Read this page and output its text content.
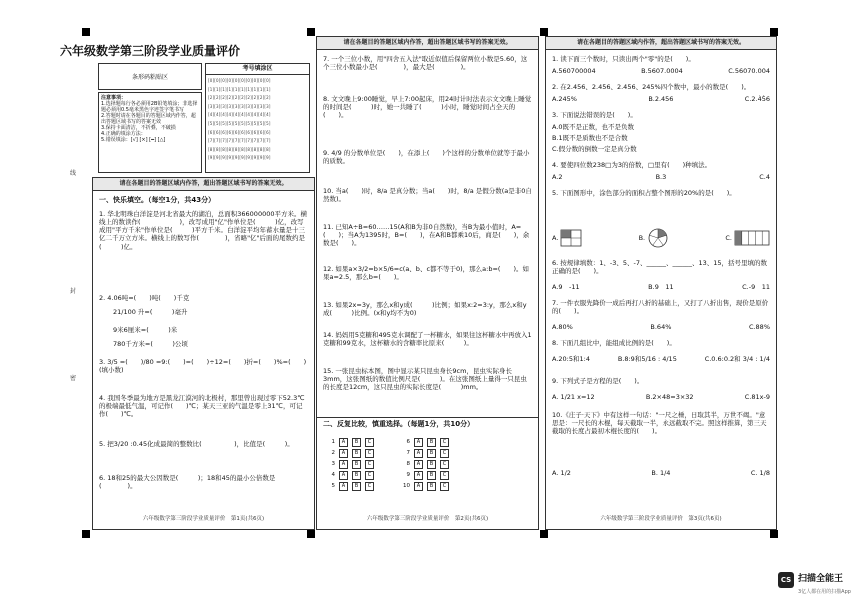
线
封
密
六年级数学第三阶段学业质量评价
条形码粘贴区
考号填涂区
[0][0][0][0][0][0][0][0][0][0]
[1][1][1][1][1][1][1][1][1][1]
[2][2][2][2][2][2][2][2][2][2]
[3][3][3][3][3][3][3][3][3][3]
[4][4][4][4][4][4][4][4][4][4]
[5][5][5][5][5][5][5][5][5][5]
[6][6][6][6][6][6][6][6][6][6]
[7][7][7][7][7][7][7][7][7][7]
[8][8][8][8][8][8][8][8][8][8]
[9][9][9][9][9][9][9][9][9][9]
注意事项：
1.选择题每行各必须用2B铅笔填涂；非选择题必须用0.5毫米黑色字迹签字笔书写
2.答题时请在各题目的答题区域内作答，超出答题区域书写的答案无效
3.保持卡面清洁，不折叠，不破损
4.正确的填涂方法：
5.错误填涂：[√] [×] [━] [△]
请在各题目的答题区域内作答，超出答题区域书写的答案无效。
一、快乐填空。（每空1分，共43分）
1. 华北明珠白洋淀是河北省最大的湖泊，总面积366000000平方米。横线上的数读作(　　　　　　)，改写成用"亿"作单位是(　　　)亿，改写成用"平方千米"作单位是(　　　)平方千米。白洋淀平均年蓄水量是十三亿二千万立方米。横线上的数写作(　　　　)，省略"亿"后面的尾数约是(　　　)亿。
2. 4.06吨=(　　)吨(　　)千克
21/100 升=(　　　)毫升
9米6厘米=(　　　)米
780千方米=(　　　)公顷
3. 3/5 =(　　)/80 =9:(　　)=(　　)÷12=(　　)折=(　　)%=(　　)(填小数)
4. 我国冬季最为地方是黑龙江漠河的北极村，那里曾出现过零下52.3℃的极端最低气温，可记作(　　)℃；某天三亚的气温是零上31℃，可记作(　　)℃。
5. 把3/20 :0.45化成最简的整数比(　　　　　)，比值是(　　　)。
6. 18和25的最大公因数是(　　　)；18和45的最小公倍数是(　　　　)。
六年级数学第三阶段学业质量评价　第1页(共6页)
请在各题目的答题区域内作答，超出答题区域书写的答案无效。
7. 一个三位小数，用"四舍五入法"取近似值后保留两位小数是5.60，这个三位小数最小是(　　　　)，最大是(　　　　)。
8. 文文晚上9:00睡觉，早上7:00起床，用24时计时法表示文文晚上睡觉的时间是(　　　)时，她一共睡了(　　　)小时，睡觉时间占全天的(　　)。
9. 4/9 的分数单位是(　　)，在添上(　　)个这样的分数单位就等于最小的质数。
10. 当a(　　)时，8/a 是真分数；当a(　　)时，8/a 是假分数(a是非0自然数)。
11. 已知A÷B=60……15(A和B为非0自然数)，当B为最小值时，A=(　　)；当A为1395时，B=(　　)，在A和B都乘10后，商是(　　)，余数是(　　)。
12. 如果a×3/2=b×5/6=c(a、b、c都不等于0)，那么a:b=(　　)。如果a=2.5，那么b=(　　)。
13. 如果2x=3y，那么x和y成(　　　)比例；如果x:2=3:y，那么x和y成(　　　)比例。(x和y均不为0)
14. 妈妈用5克糖和495克水调配了一杯糖水，如果往这杯糖水中再放入1克糖和99克水，这杯糖水的含糖率比原来(　　　)。
15. 一张昆虫标本图，图中显示某只昆虫身长9cm，昆虫实际身长3mm，这张图纸的数值比例尺是(　　　)。在这张图纸上量得一只昆虫的长度是12cm，这只昆虫的实际长度是(　　　)mm。
二、反复比较，慎重选择。（每题1分，共10分）
六年级数学第三阶段学业质量评价　第2页(共6页)
1	A	B	C	6	A	B	C
2	A	B	C	7	A	B	C
3	A	B	C	8	A	B	C
4	A	B	C	9	A	B	C
5	A	B	C	10	A	B	C
请在各题目的答题区域内作答，超出答题区域书写的答案无效。
1. 读下面三个数时，只读出两个"零"的是(　　)。
A.560700004	B.5607.0004	C.56070.004
2. 在2.456、2.45̇6、2.4̇5̇6、245%四个数中，最小的数是(　　)。
A.245%	B.2.456	C.2.4̇5̇6
3. 下面说法错误的是(　　)。
A.0既不是正数，也不是负数
B.1既不是质数也不是合数
C.假分数的倒数一定是真分数
4. 要使四位数238□为3的倍数，□里有(　　)种填法。
A.2	B.3	C.4
5. 下面图形中，涂色部分的面积占整个图形的20%的是(　　)。
A.	B.	C.
6. 按规律填数：1、-3、5、-7、______、______、13、15，括号里填的数正确的是(　　)。
A.9　-11	B.9　11	C.-9　11
7. 一件衣服先降价一成后再打八折的基础上，又打了八折出售，现价是原价的(　　)。
A.80%	B.64%	C.88%
8. 下面几组比中，能组成比例的是(　　)。
A.20:5和1:4	B.8:9和5/16 : 4/15	C.0.6:0.2和 3/4 : 1/4
9. 下列式子是方程的是(　　)。
A. 1/21 x=12	B.2×48=3×32	C.81x-9
10.《庄子·天下》中有这样一句话："一尺之棰，日取其半，万世不竭。"意思是：一尺长的木棍，每天截取一半，永远截取不完。照这样推算，第三天截取的长度占最初木棍长度的(　　)。
A. 1/2	B. 1/4	C. 1/8
六年级数学第三阶段学业质量评价　第3页(共6页)
CS 扫描全能王
3亿人都在用的扫描App
